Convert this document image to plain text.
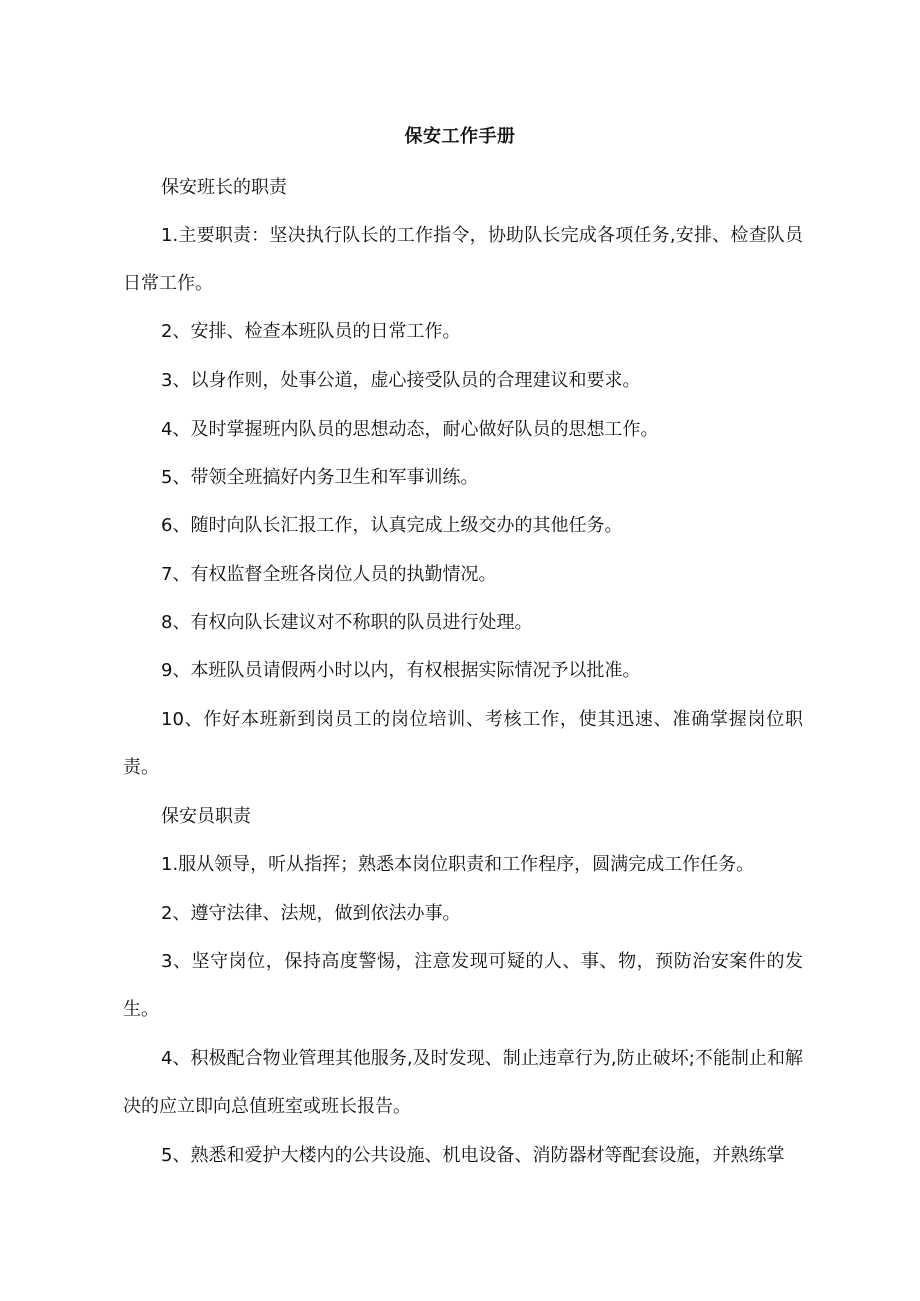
保安工作手册

保安班长的职责

1.主要职责：坚决执行队长的工作指令，协助队长完成各项任务,安排、检查队员日常工作。

2、安排、检查本班队员的日常工作。

3、以身作则，处事公道，虚心接受队员的合理建议和要求。

4、及时掌握班内队员的思想动态，耐心做好队员的思想工作。

5、带领全班搞好内务卫生和军事训练。

6、随时向队长汇报工作，认真完成上级交办的其他任务。

7、有权监督全班各岗位人员的执勤情况。

8、有权向队长建议对不称职的队员进行处理。

9、本班队员请假两小时以内，有权根据实际情况予以批准。

10、作好本班新到岗员工的岗位培训、考核工作，使其迅速、准确掌握岗位职责。

保安员职责

1.服从领导，听从指挥；熟悉本岗位职责和工作程序，圆满完成工作任务。

2、遵守法律、法规，做到依法办事。

3、坚守岗位，保持高度警惕，注意发现可疑的人、事、物，预防治安案件的发生。

4、积极配合物业管理其他服务,及时发现、制止违章行为,防止破坏;不能制止和解决的应立即向总值班室或班长报告。

5、熟悉和爱护大楼内的公共设施、机电设备、消防器材等配套设施，并熟练掌
